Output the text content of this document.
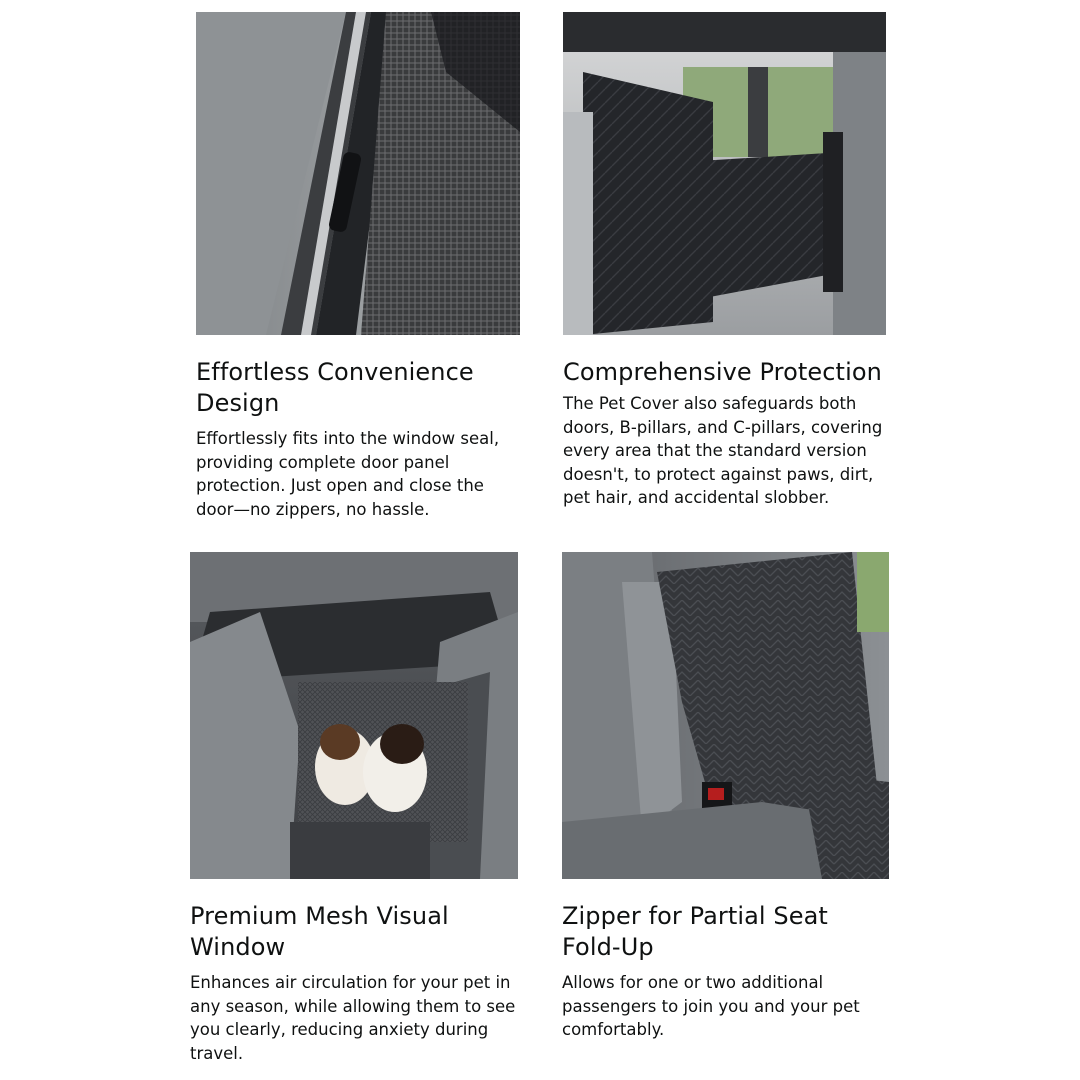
Effortless Convenience Design

Effortlessly fits into the window seal, providing complete door panel protection. Just open and close the door—no zippers, no hassle.

Comprehensive Protection

The Pet Cover also safeguards both doors, B-pillars, and C-pillars, covering every area that the standard version doesn't, to protect against paws, dirt, pet hair, and accidental slobber.

Premium Mesh Visual Window

Enhances air circulation for your pet in any season, while allowing them to see you clearly, reducing anxiety during travel.

Zipper for Partial Seat Fold-Up

Allows for one or two additional passengers to join you and your pet comfortably.
